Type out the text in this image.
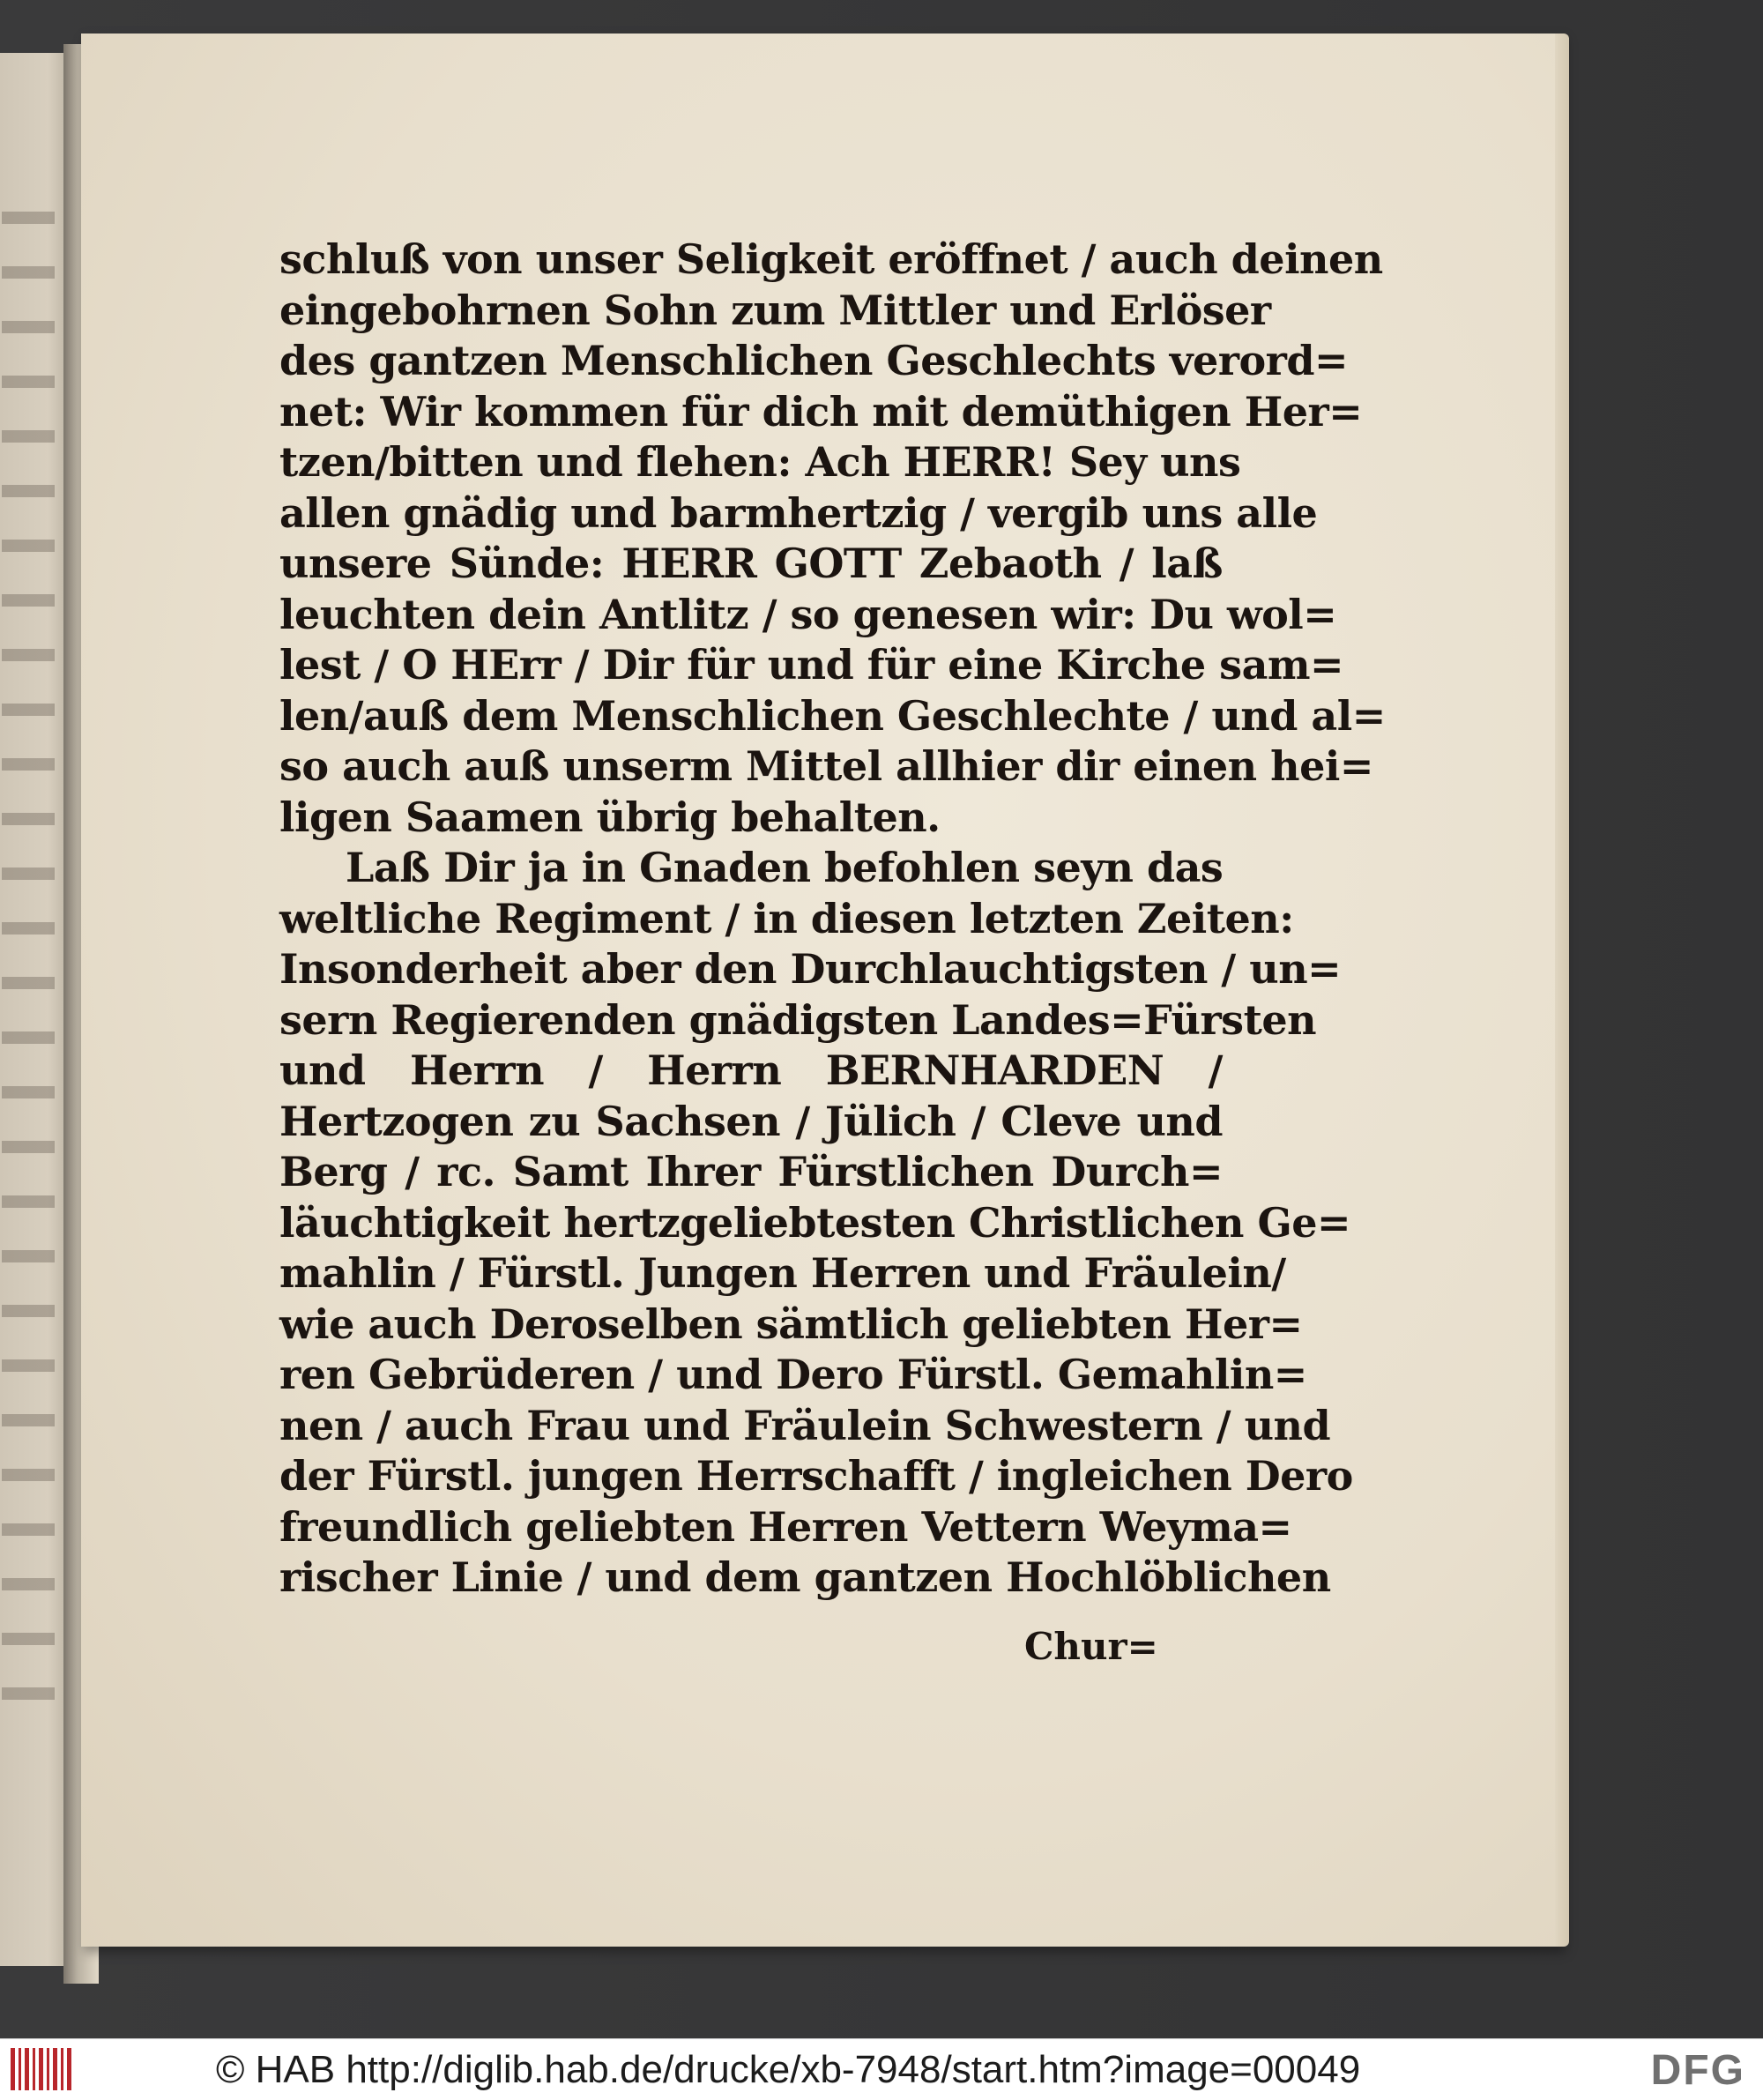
schluß von unser Seligkeit eröffnet / auch deinen
eingebohrnen Sohn zum Mittler und Erlöser
des gantzen Menschlichen Geschlechts verord=
net: Wir kommen für dich mit demüthigen Her=
tzen/bitten und flehen: Ach HERR! Sey uns
allen gnädig und barmhertzig / vergib uns alle
unsere Sünde: HERR GOTT Zebaoth / laß
leuchten dein Antlitz / so genesen wir: Du wol=
lest / O HErr / Dir für und für eine Kirche sam=
len/auß dem Menschlichen Geschlechte / und al=
so auch auß unserm Mittel allhier dir einen hei=
ligen Saamen übrig behalten.
Laß Dir ja in Gnaden befohlen seyn das
weltliche Regiment / in diesen letzten Zeiten:
Insonderheit aber den Durchlauchtigsten / un=
sern Regierenden gnädigsten Landes=Fürsten
und Herrn / Herrn BERNHARDEN /
Hertzogen zu Sachsen / Jülich / Cleve und
Berg / rc. Samt Ihrer Fürstlichen Durch=
läuchtigkeit hertzgeliebtesten Christlichen Ge=
mahlin / Fürstl. Jungen Herren und Fräulein/
wie auch Deroselben sämtlich geliebten Her=
ren Gebrüderen / und Dero Fürstl. Gemahlin=
nen / auch Frau und Fräulein Schwestern / und
der Fürstl. jungen Herrschafft / ingleichen Dero
freundlich geliebten Herren Vettern Weyma=
rischer Linie / und dem gantzen Hochlöblichen
Chur=
© HAB http://diglib.hab.de/drucke/xb-7948/start.htm?image=00049	DFG
